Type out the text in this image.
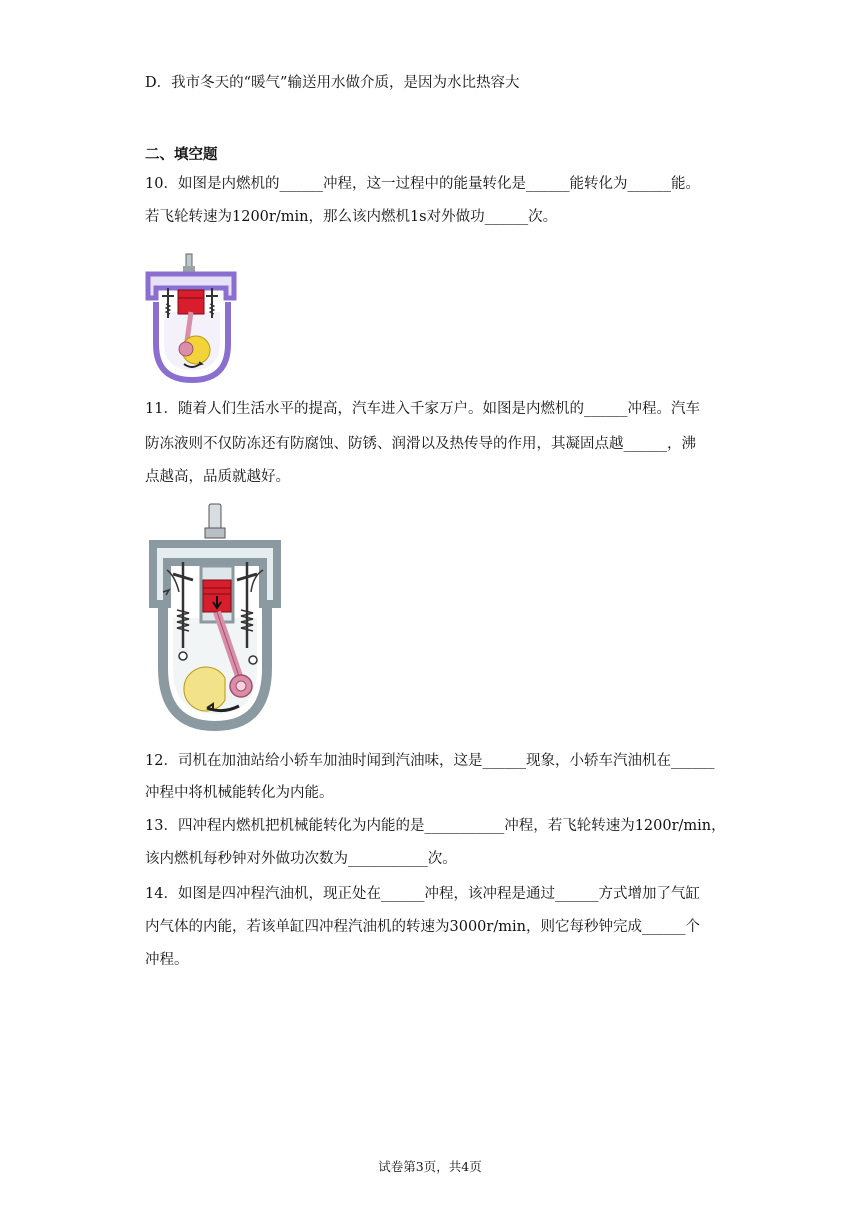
D．我市冬天的“暖气”输送用水做介质，是因为水比热容大
二、填空题
10．如图是内燃机的______冲程，这一过程中的能量转化是______能转化为______能。
若飞轮转速为1200r/min，那么该内燃机1s对外做功______次。
11．随着人们生活水平的提高，汽车进入千家万户。如图是内燃机的______冲程。汽车
防冻液则不仅防冻还有防腐蚀、防锈、润滑以及热传导的作用，其凝固点越______，沸
点越高，品质就越好。
12．司机在加油站给小轿车加油时闻到汽油味，这是______现象，小轿车汽油机在______
冲程中将机械能转化为内能。
13．四冲程内燃机把机械能转化为内能的是___________冲程，若飞轮转速为1200r/min，
该内燃机每秒钟对外做功次数为___________次。
14．如图是四冲程汽油机，现正处在______冲程，该冲程是通过______方式增加了气缸
内气体的内能，若该单缸四冲程汽油机的转速为3000r/min，则它每秒钟完成______个
冲程。
试卷第3页，共4页
